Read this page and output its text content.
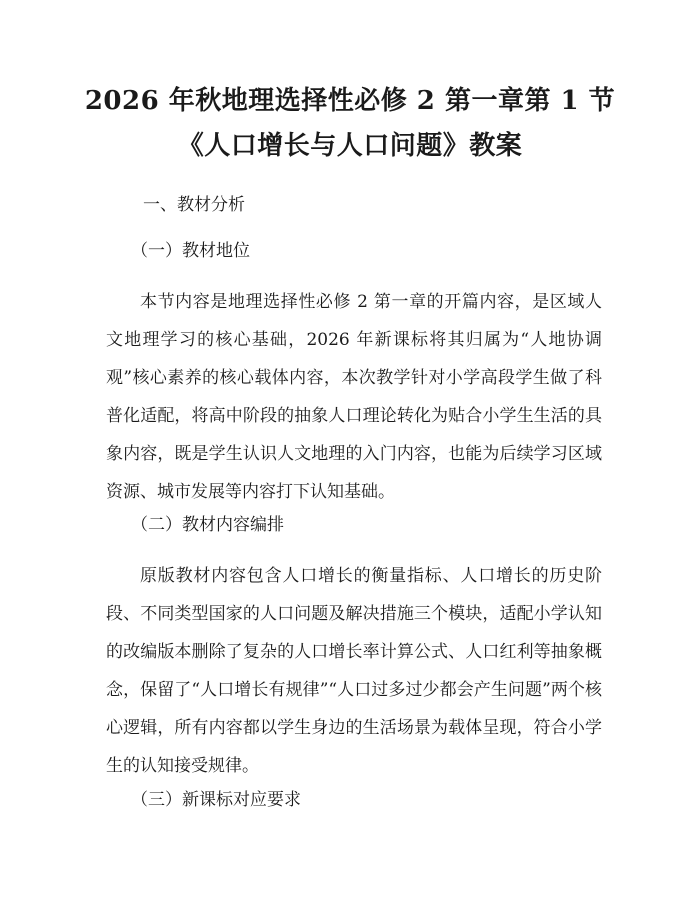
2026 年秋地理选择性必修 2 第一章第 1 节
《人口增长与人口问题》教案
一、教材分析
（一）教材地位

本节内容是地理选择性必修 2 第一章的开篇内容，是区域人文地理学习的核心基础，2026 年新课标将其归属为“人地协调观”核心素养的核心载体内容，本次教学针对小学高段学生做了科普化适配，将高中阶段的抽象人口理论转化为贴合小学生生活的具象内容，既是学生认识人文地理的入门内容，也能为后续学习区域资源、城市发展等内容打下认知基础。

（二）教材内容编排

原版教材内容包含人口增长的衡量指标、人口增长的历史阶段、不同类型国家的人口问题及解决措施三个模块，适配小学认知的改编版本删除了复杂的人口增长率计算公式、人口红利等抽象概念，保留了“人口增长有规律”“人口过多过少都会产生问题”两个核心逻辑，所有内容都以学生身边的生活场景为载体呈现，符合小学生的认知接受规律。

（三）新课标对应要求
